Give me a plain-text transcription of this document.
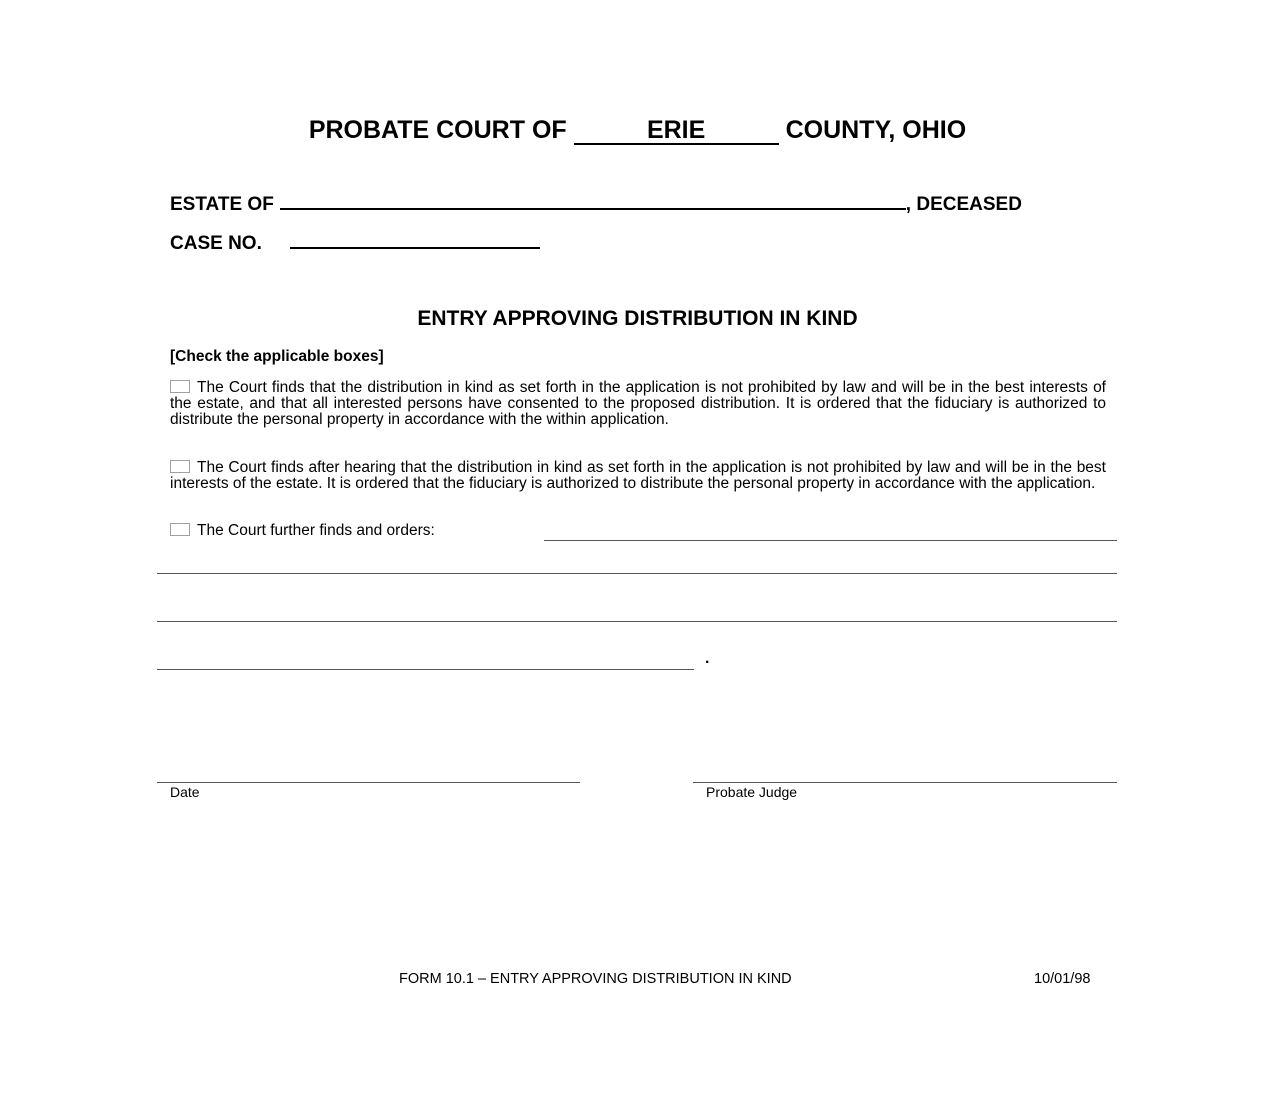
PROBATE COURT OF	ERIE	COUNTY, OHIO
ESTATE OF	, DECEASED
CASE NO.
ENTRY APPROVING DISTRIBUTION IN KIND
[Check the applicable boxes]
The Court finds that the distribution in kind as set forth in the application is not prohibited by law and will be in the best interests of the estate, and that all interested persons have consented to the proposed distribution. It is ordered that the fiduciary is authorized to distribute the personal property in accordance with the within application.
The Court finds after hearing that the distribution in kind as set forth in the application is not prohibited by law and will be in the best interests of the estate. It is ordered that the fiduciary is authorized to distribute the personal property in accordance with the application.
The Court further finds and orders:
.
Date	Probate Judge
FORM 10.1 – ENTRY APPROVING DISTRIBUTION IN KIND	10/01/98
